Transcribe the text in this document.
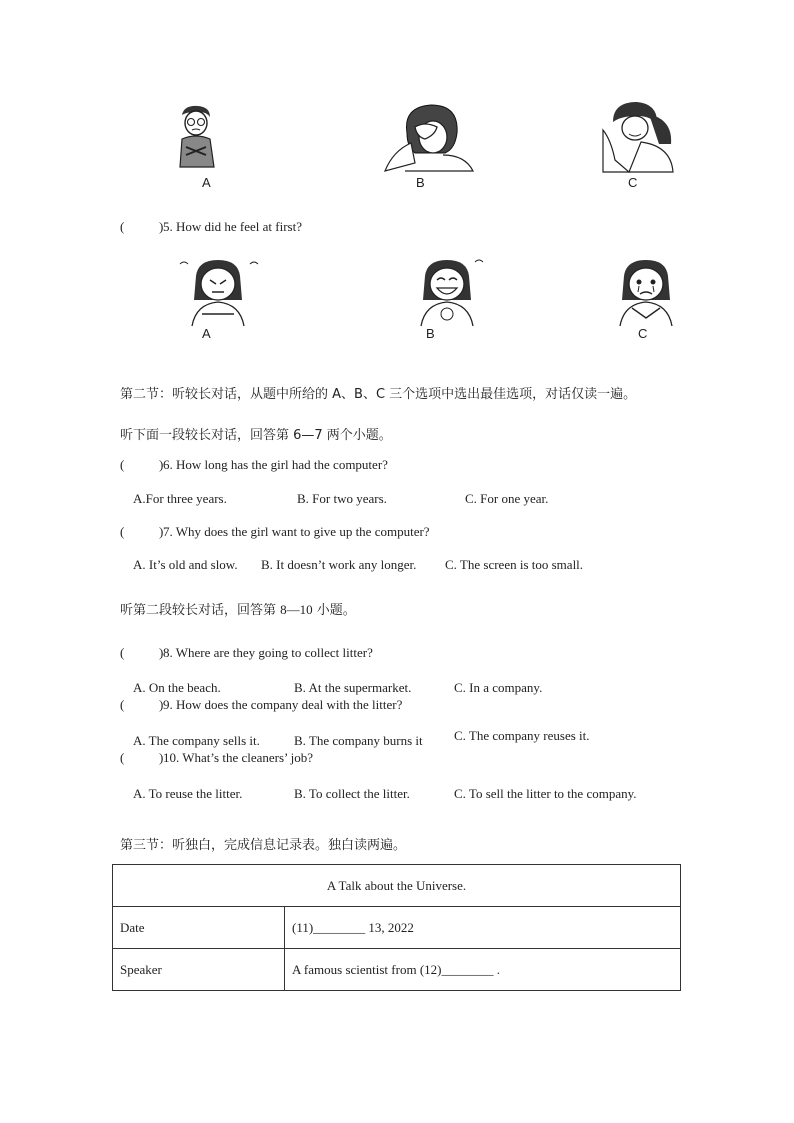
A	B	C
(	) 5. How did he feel at first?
A	B	C
第二节：听较长对话，从题中所给的 A、B、C 三个选项中选出最佳选项，对话仅读一遍。
听下面一段较长对话，回答第 6—7 两个小题。
(	) 6. How long has the girl had the computer?
A.For three years.	B. For two years.	C. For one year.
(	) 7. Why does the girl want to give up the computer?
A. It’s old and slow. B. It doesn’t work any longer. C. The screen is too small.
听第二段较长对话，回答第 8—10 小题。
(	) 8. Where are they going to collect litter?
A. On the beach.	B. At the supermarket.	C. In a company.
(	) 9. How does the company deal with the litter?
A. The company sells it.	B. The company burns it C. The company reuses it.
(	) 10. What’s the cleaners’ job?
A. To reuse the litter.	B. To collect the litter.	C. To sell the litter to the company.
第三节：听独白，完成信息记录表。独白读两遍。
A Talk about the Universe.	
Date	(11)________ 13, 2022
Speaker	A famous scientist from (12)________ .
